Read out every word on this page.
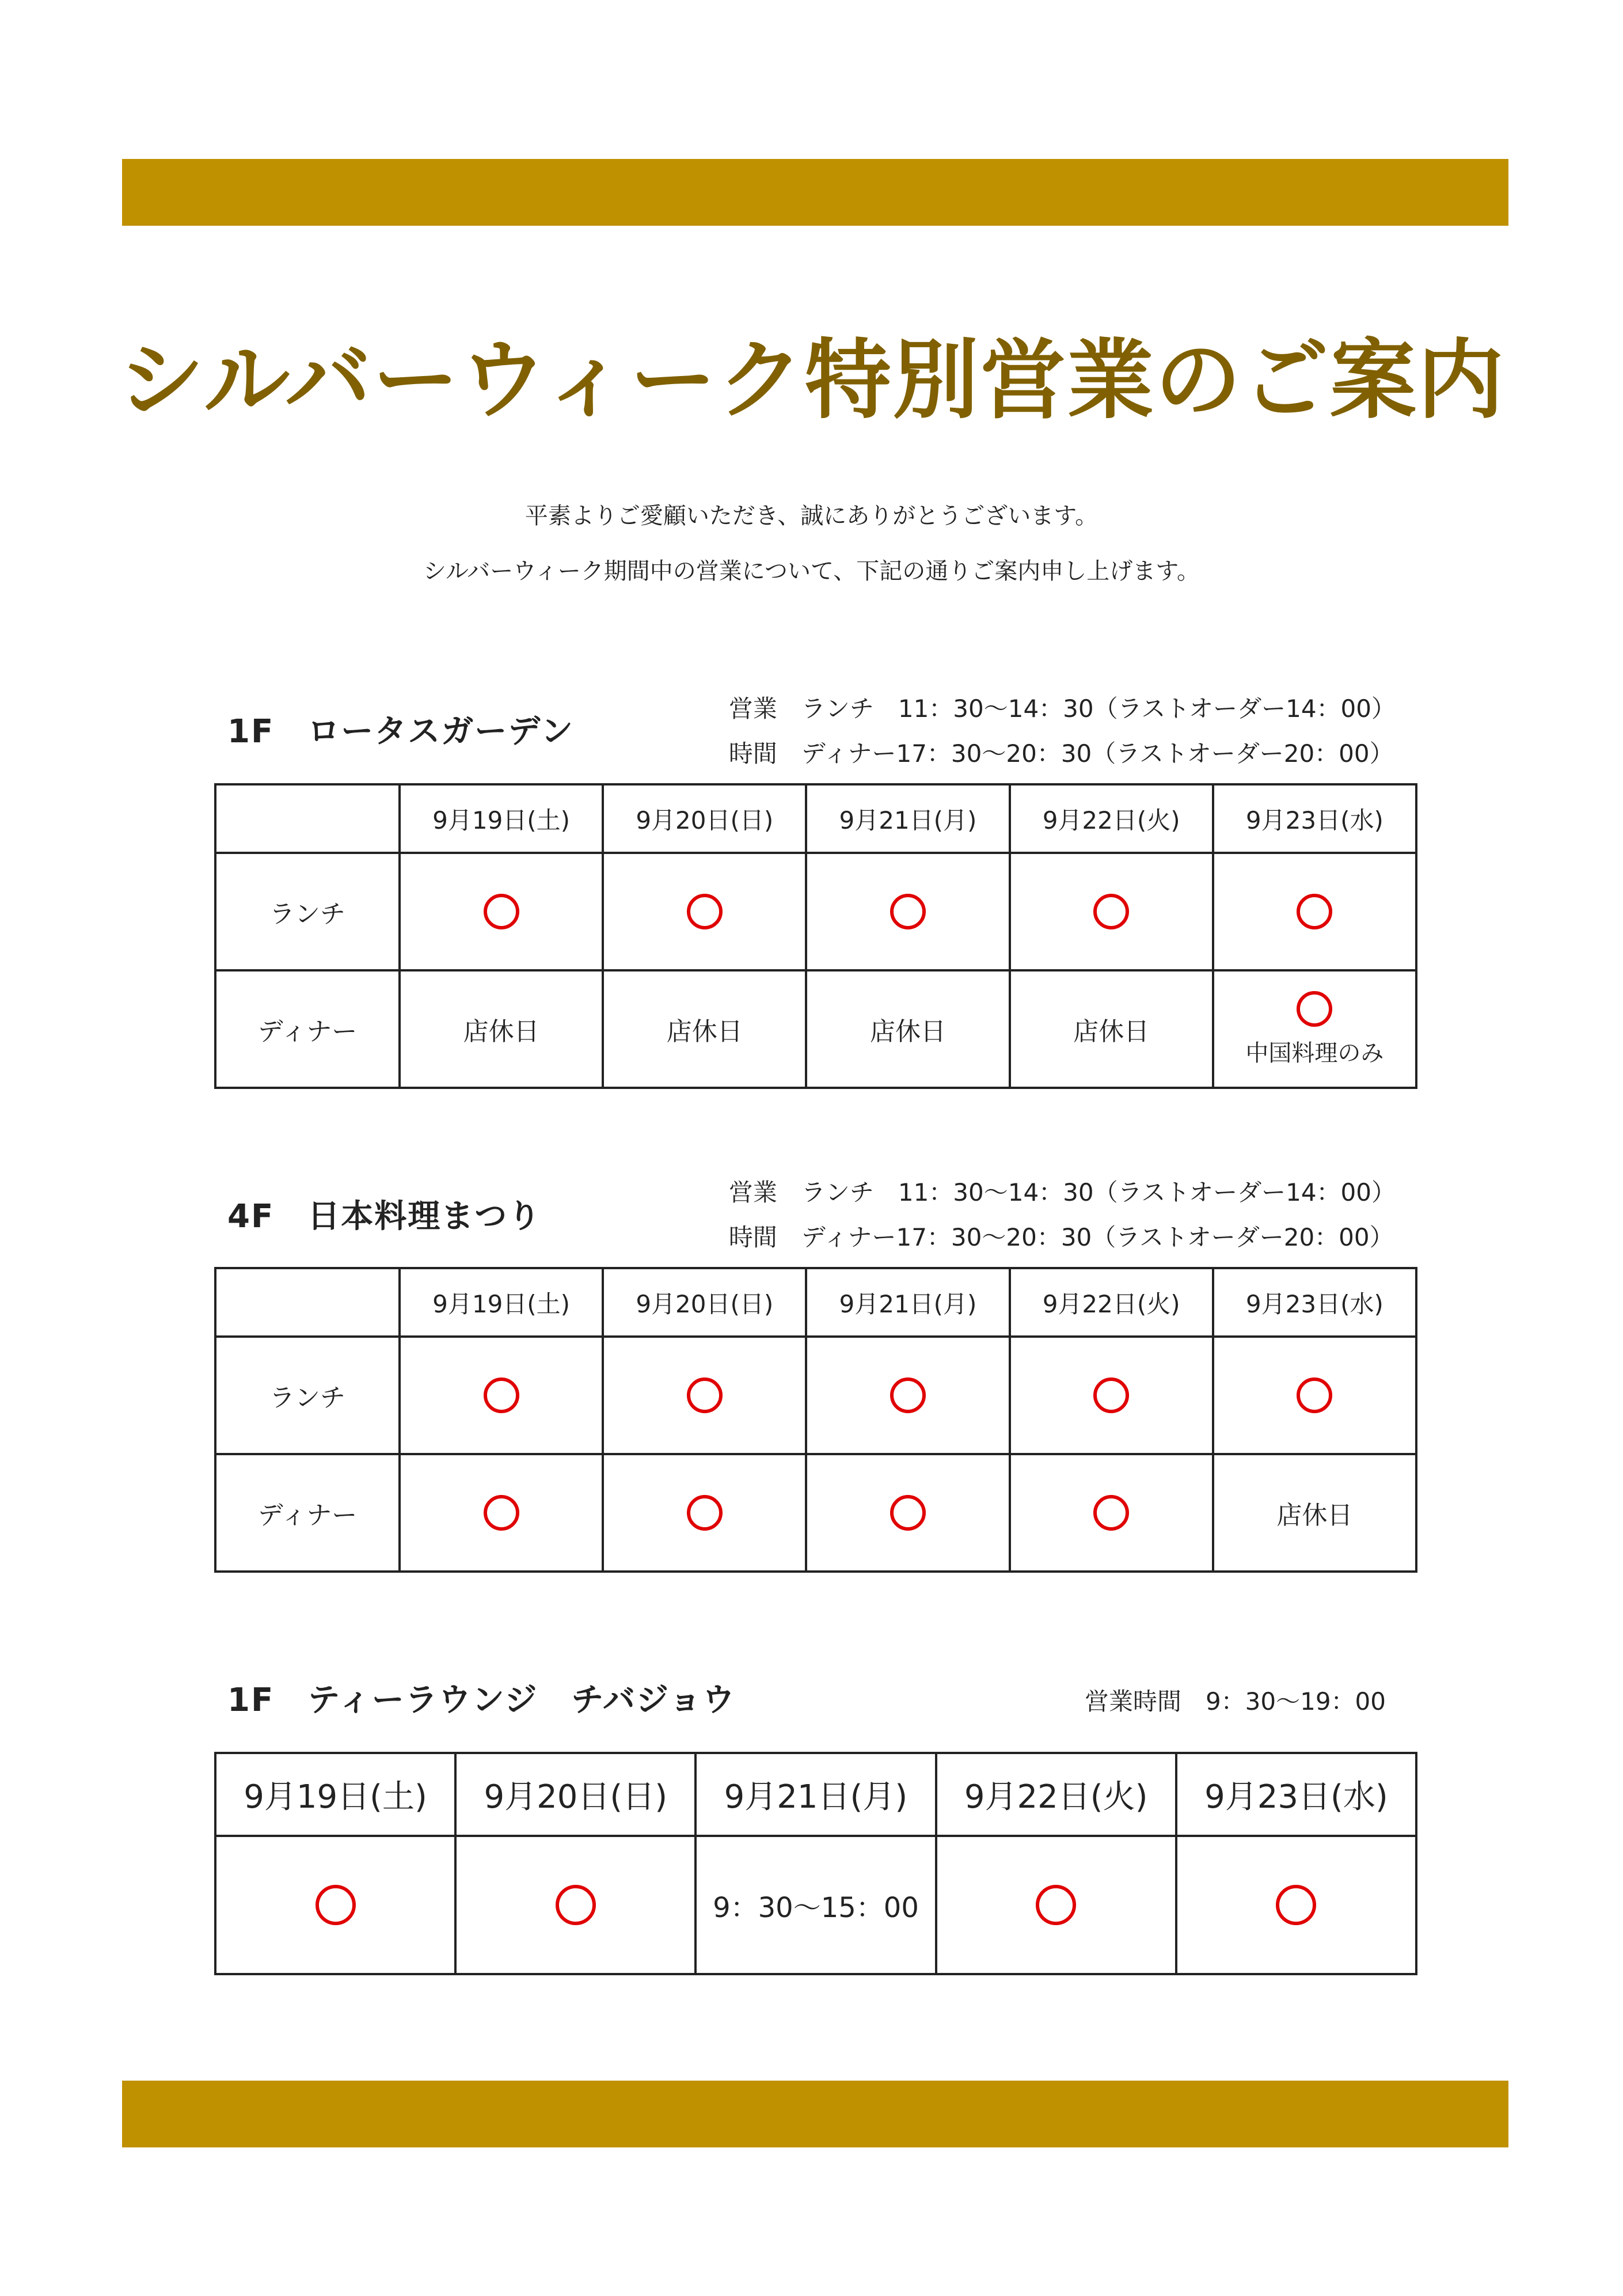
シルバーウィーク特別営業のご案内
平素よりご愛顧いただき、誠にありがとうございます。
シルバーウィーク期間中の営業について、下記の通りご案内申し上げます。
1F　ロータスガーデン
営業　ランチ　11：30〜14：30（ラストオーダー14：00）
時間　ディナー17：30〜20：30（ラストオーダー20：00）
	9月19日(土)	9月20日(日)	9月21日(月)	9月22日(火)	9月23日(水)
ランチ					
ディナー	店休日	店休日	店休日	店休日	中国料理のみ
4F　日本料理まつり
営業　ランチ　11：30〜14：30（ラストオーダー14：00）
時間　ディナー17：30〜20：30（ラストオーダー20：00）
	9月19日(土)	9月20日(日)	9月21日(月)	9月22日(火)	9月23日(水)
ランチ					
ディナー					店休日
1F　ティーラウンジ　チバジョウ	営業時間　9：30〜19：00
9月19日(土)	9月20日(日)	9月21日(月)	9月22日(火)	9月23日(水)
		9：30〜15：00		
